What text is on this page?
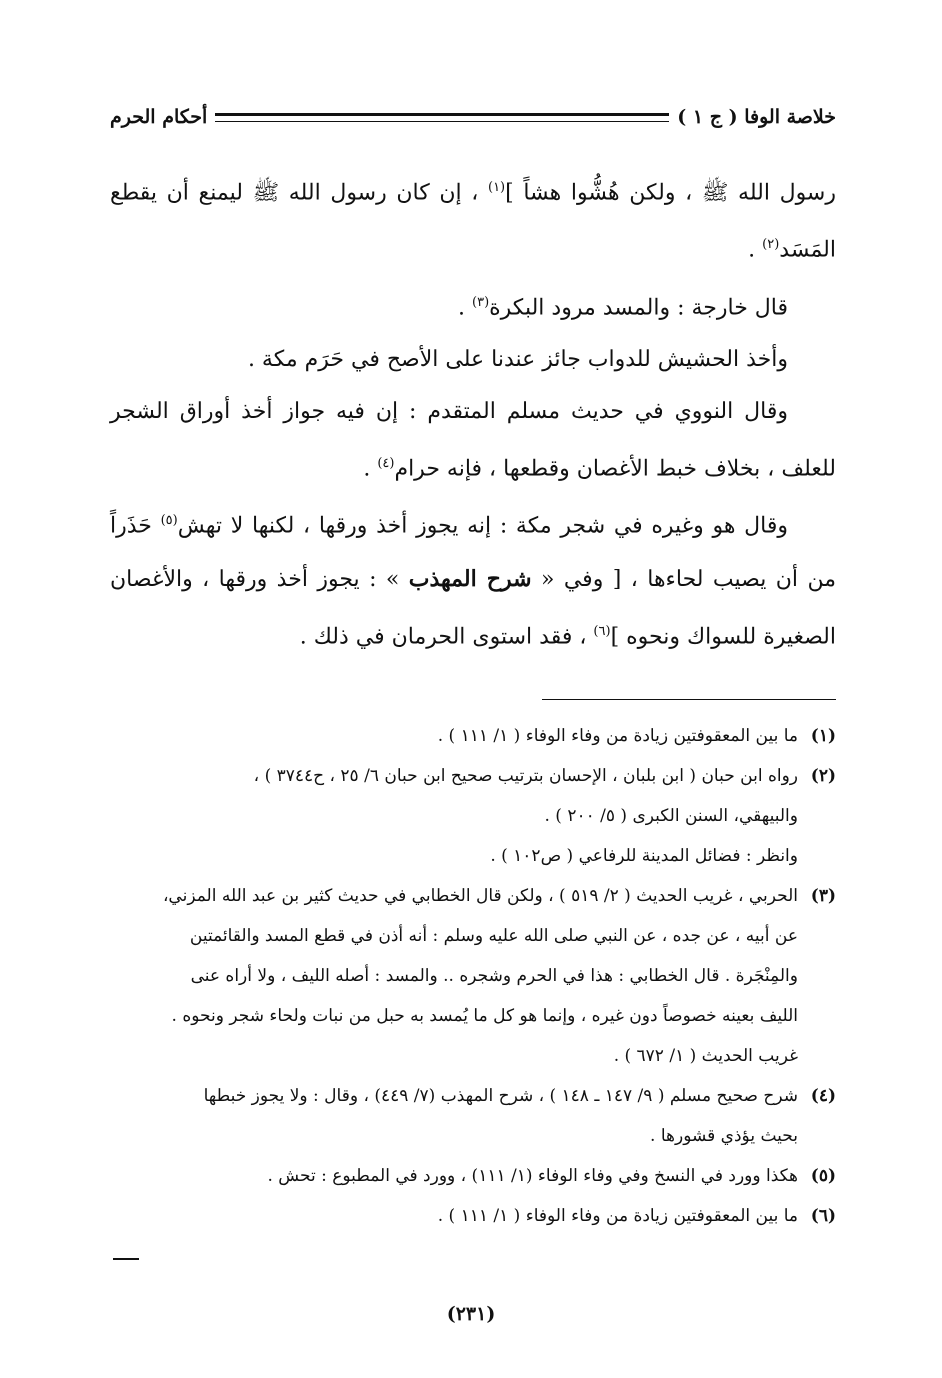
خلاصة الوفا ( ج ١ )
أحكام الحرم

رسول الله ﷺ ، ولكن هُشُّوا هشاً ]$^{(١)}$ ، إن كان رسول الله ﷺ ليمنع أن يقطع المَسَد$^{(٢)}$ .

قال خارجة : والمسد مرود البكرة$^{(٣)}$ .

وأخذ الحشيش للدواب جائز عندنا على الأصح في حَرَم مكة .

وقال النووي في حديث مسلم المتقدم : إن فيه جواز أخذ أوراق الشجر للعلف ، بخلاف خبط الأغصان وقطعها ، فإنه حرام$^{(٤)}$ .

وقال هو وغيره في شجر مكة : إنه يجوز أخذ ورقها ، لكنها لا تهش$^{(٥)}$ حَذَراً من أن يصيب لحاءها ، [ وفي « شرح المهذب » : يجوز أخذ ورقها ، والأغصان الصغيرة للسواك ونحوه ]$^{(٦)}$ ، فقد استوى الحرمان في ذلك .

(١)
ما بين المعقوفتين زيادة من وفاء الوفاء ( ١/ ١١١ ) .
(٢)
رواه ابن حبان ( ابن بلبان ، الإحسان بترتيب صحيح ابن حبان ٦/ ٢٥ ، ح٣٧٤٤ ) ،
والبيهقي، السنن الكبرى ( ٥/ ٢٠٠ ) .
وانظر : فضائل المدينة للرفاعي ( ص١٠٢ ) .
(٣)
الحربي ، غريب الحديث ( ٢/ ٥١٩ ) ، ولكن قال الخطابي في حديث كثير بن عبد الله المزني،
عن أبيه ، عن جده ، عن النبي صلى الله عليه وسلم : أنه أذن في قطع المسد والقائمتين
والمِنْجَرة . قال الخطابي : هذا في الحرم وشجره .. والمسد : أصله الليف ، ولا أراه عنى
الليف بعينه خصوصاً دون غيره ، وإنما هو كل ما يُمسد به حبل من نبات ولحاء شجر ونحوه .
غريب الحديث ( ١/ ٦٧٢ ) .
(٤)
شرح صحيح مسلم ( ٩/ ١٤٧ ـ ١٤٨ ) ، شرح المهذب (٧/ ٤٤٩) ، وقال : ولا يجوز خبطها
بحيث يؤذي قشورها .
(٥)
هكذا وورد في النسخ وفي وفاء الوفاء (١/ ١١١) ، وورد في المطبوع : تحش .
(٦)
ما بين المعقوفتين زيادة من وفاء الوفاء ( ١/ ١١١ ) .
(٢٣١)
